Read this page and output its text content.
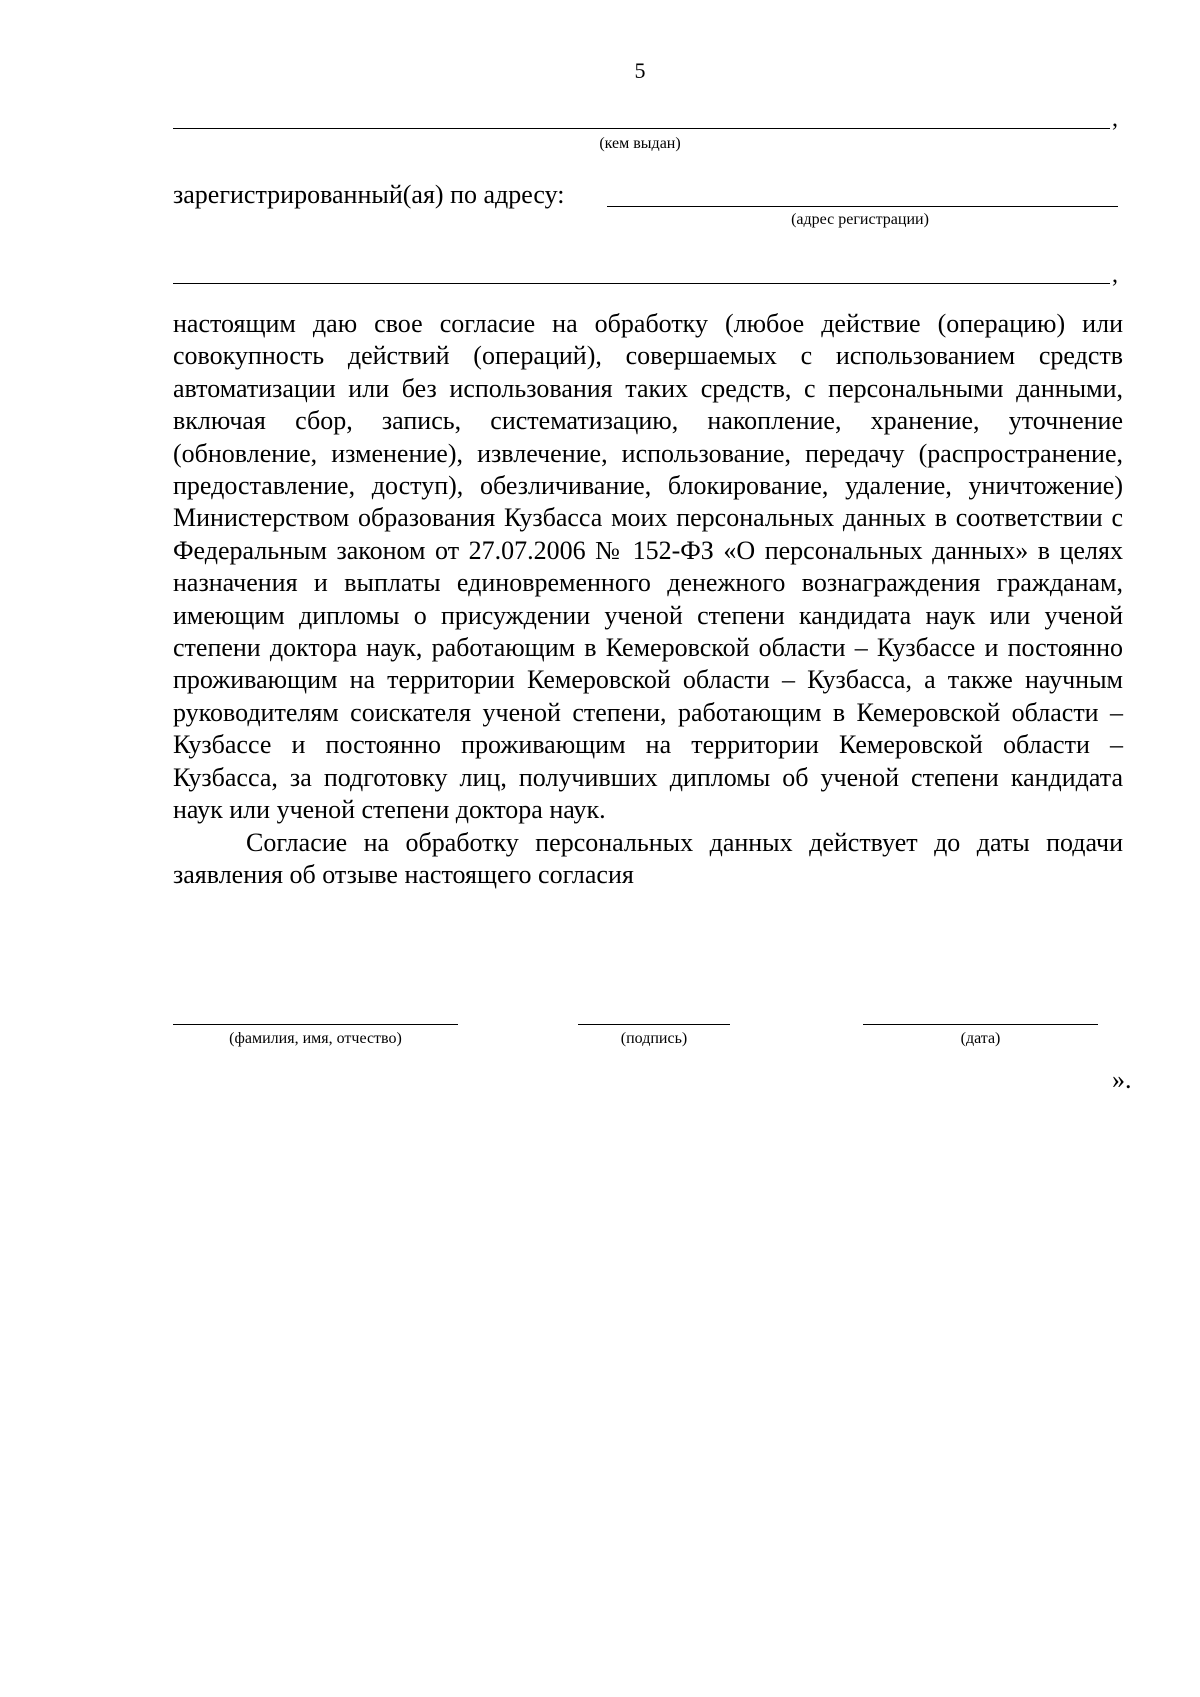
5
,
(кем выдан)
зарегистрированный(ая) по адресу:
(адрес регистрации)
,

настоящим даю свое согласие на обработку (любое действие (операцию) или совокупность действий (операций), совершаемых с использованием средств автоматизации или без использования таких средств, с персональными данными, включая сбор, запись, систематизацию, накопление, хранение, уточнение (обновление, изменение), извлечение, использование, передачу (распространение, предоставление, доступ), обезличивание, блокирование, удаление, уничтожение) Министерством образования Кузбасса моих персональных данных в соответствии с Федеральным законом от 27.07.2006 № 152-ФЗ «О персональных данных» в целях назначения и выплаты единовременного денежного вознаграждения гражданам, имеющим дипломы о присуждении ученой степени кандидата наук или ученой степени доктора наук, работающим в Кемеровской области – Кузбассе и постоянно проживающим на территории Кемеровской области – Кузбасса, а также научным руководителям соискателя ученой степени, работающим в Кемеровской области – Кузбассе и постоянно проживающим на территории Кемеровской области – Кузбасса, за подготовку лиц, получивших дипломы об ученой степени кандидата наук или ученой степени доктора наук.

Согласие на обработку персональных данных действует до даты подачи заявления об отзыве настоящего согласия

(фамилия, имя, отчество)	(подпись)	(дата)
».
